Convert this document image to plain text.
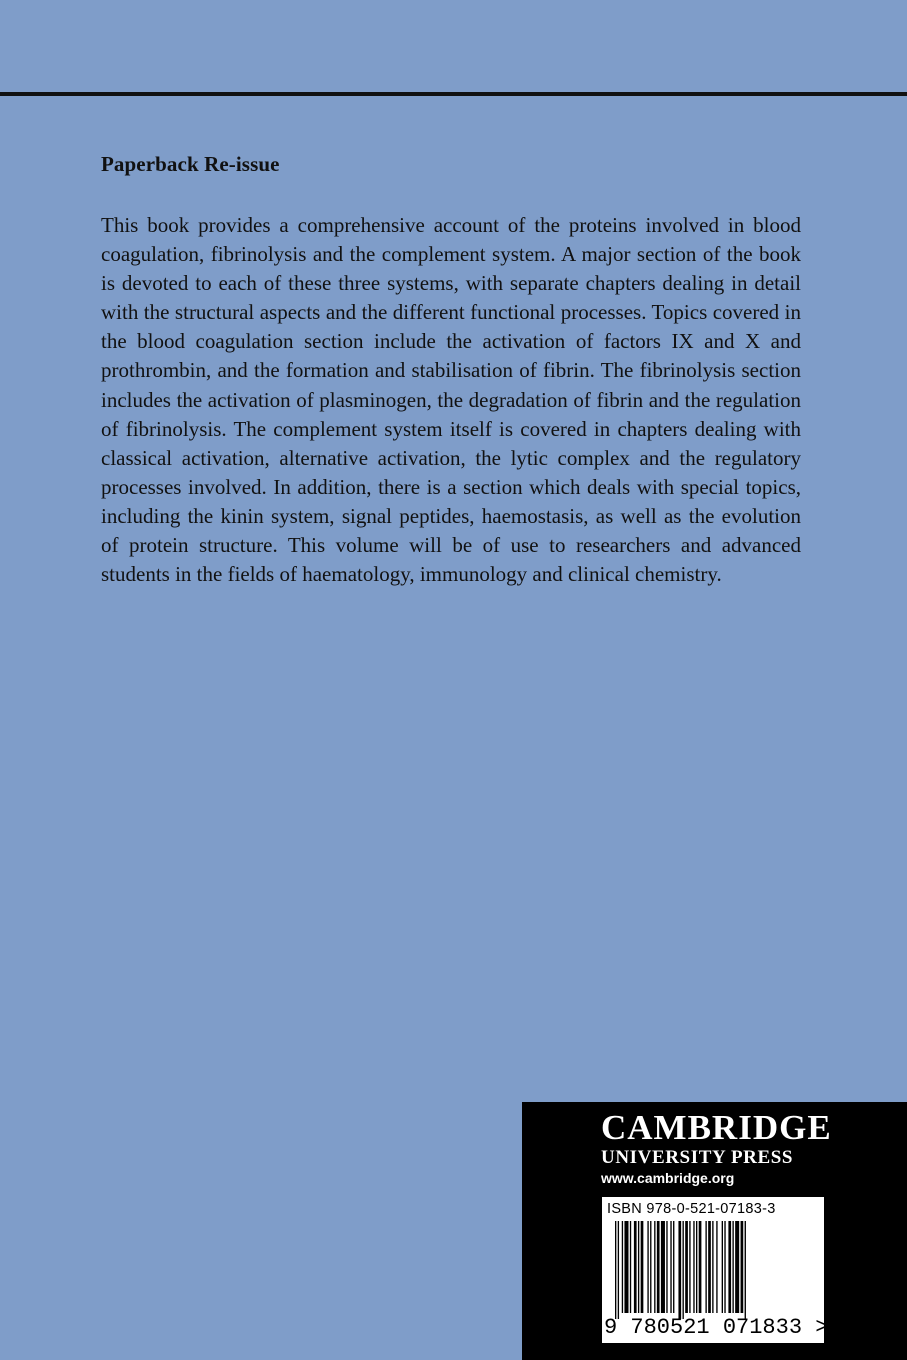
Paperback Re-issue

This book provides a comprehensive account of the proteins involved in blood coagulation, fibrinolysis and the complement system. A major section of the book is devoted to each of these three systems, with separate chapters dealing in detail with the structural aspects and the different functional processes. Topics covered in the blood coagulation section include the activation of factors IX and X and prothrombin, and the formation and stabilisation of fibrin. The fibrinolysis section includes the activation of plasminogen, the degradation of fibrin and the regulation of fibrinolysis. The complement system itself is covered in chapters dealing with classical activation, alternative activation, the lytic complex and the regulatory processes involved. In addition, there is a section which deals with special topics, including the kinin system, signal peptides, haemostasis, as well as the evolution of protein structure. This volume will be of use to researchers and advanced students in the fields of haematology, immunology and clinical chemistry.

CAMBRIDGE
UNIVERSITY PRESS
www.cambridge.org
ISBN 978-0-521-07183-3
9 780521 071833 >
